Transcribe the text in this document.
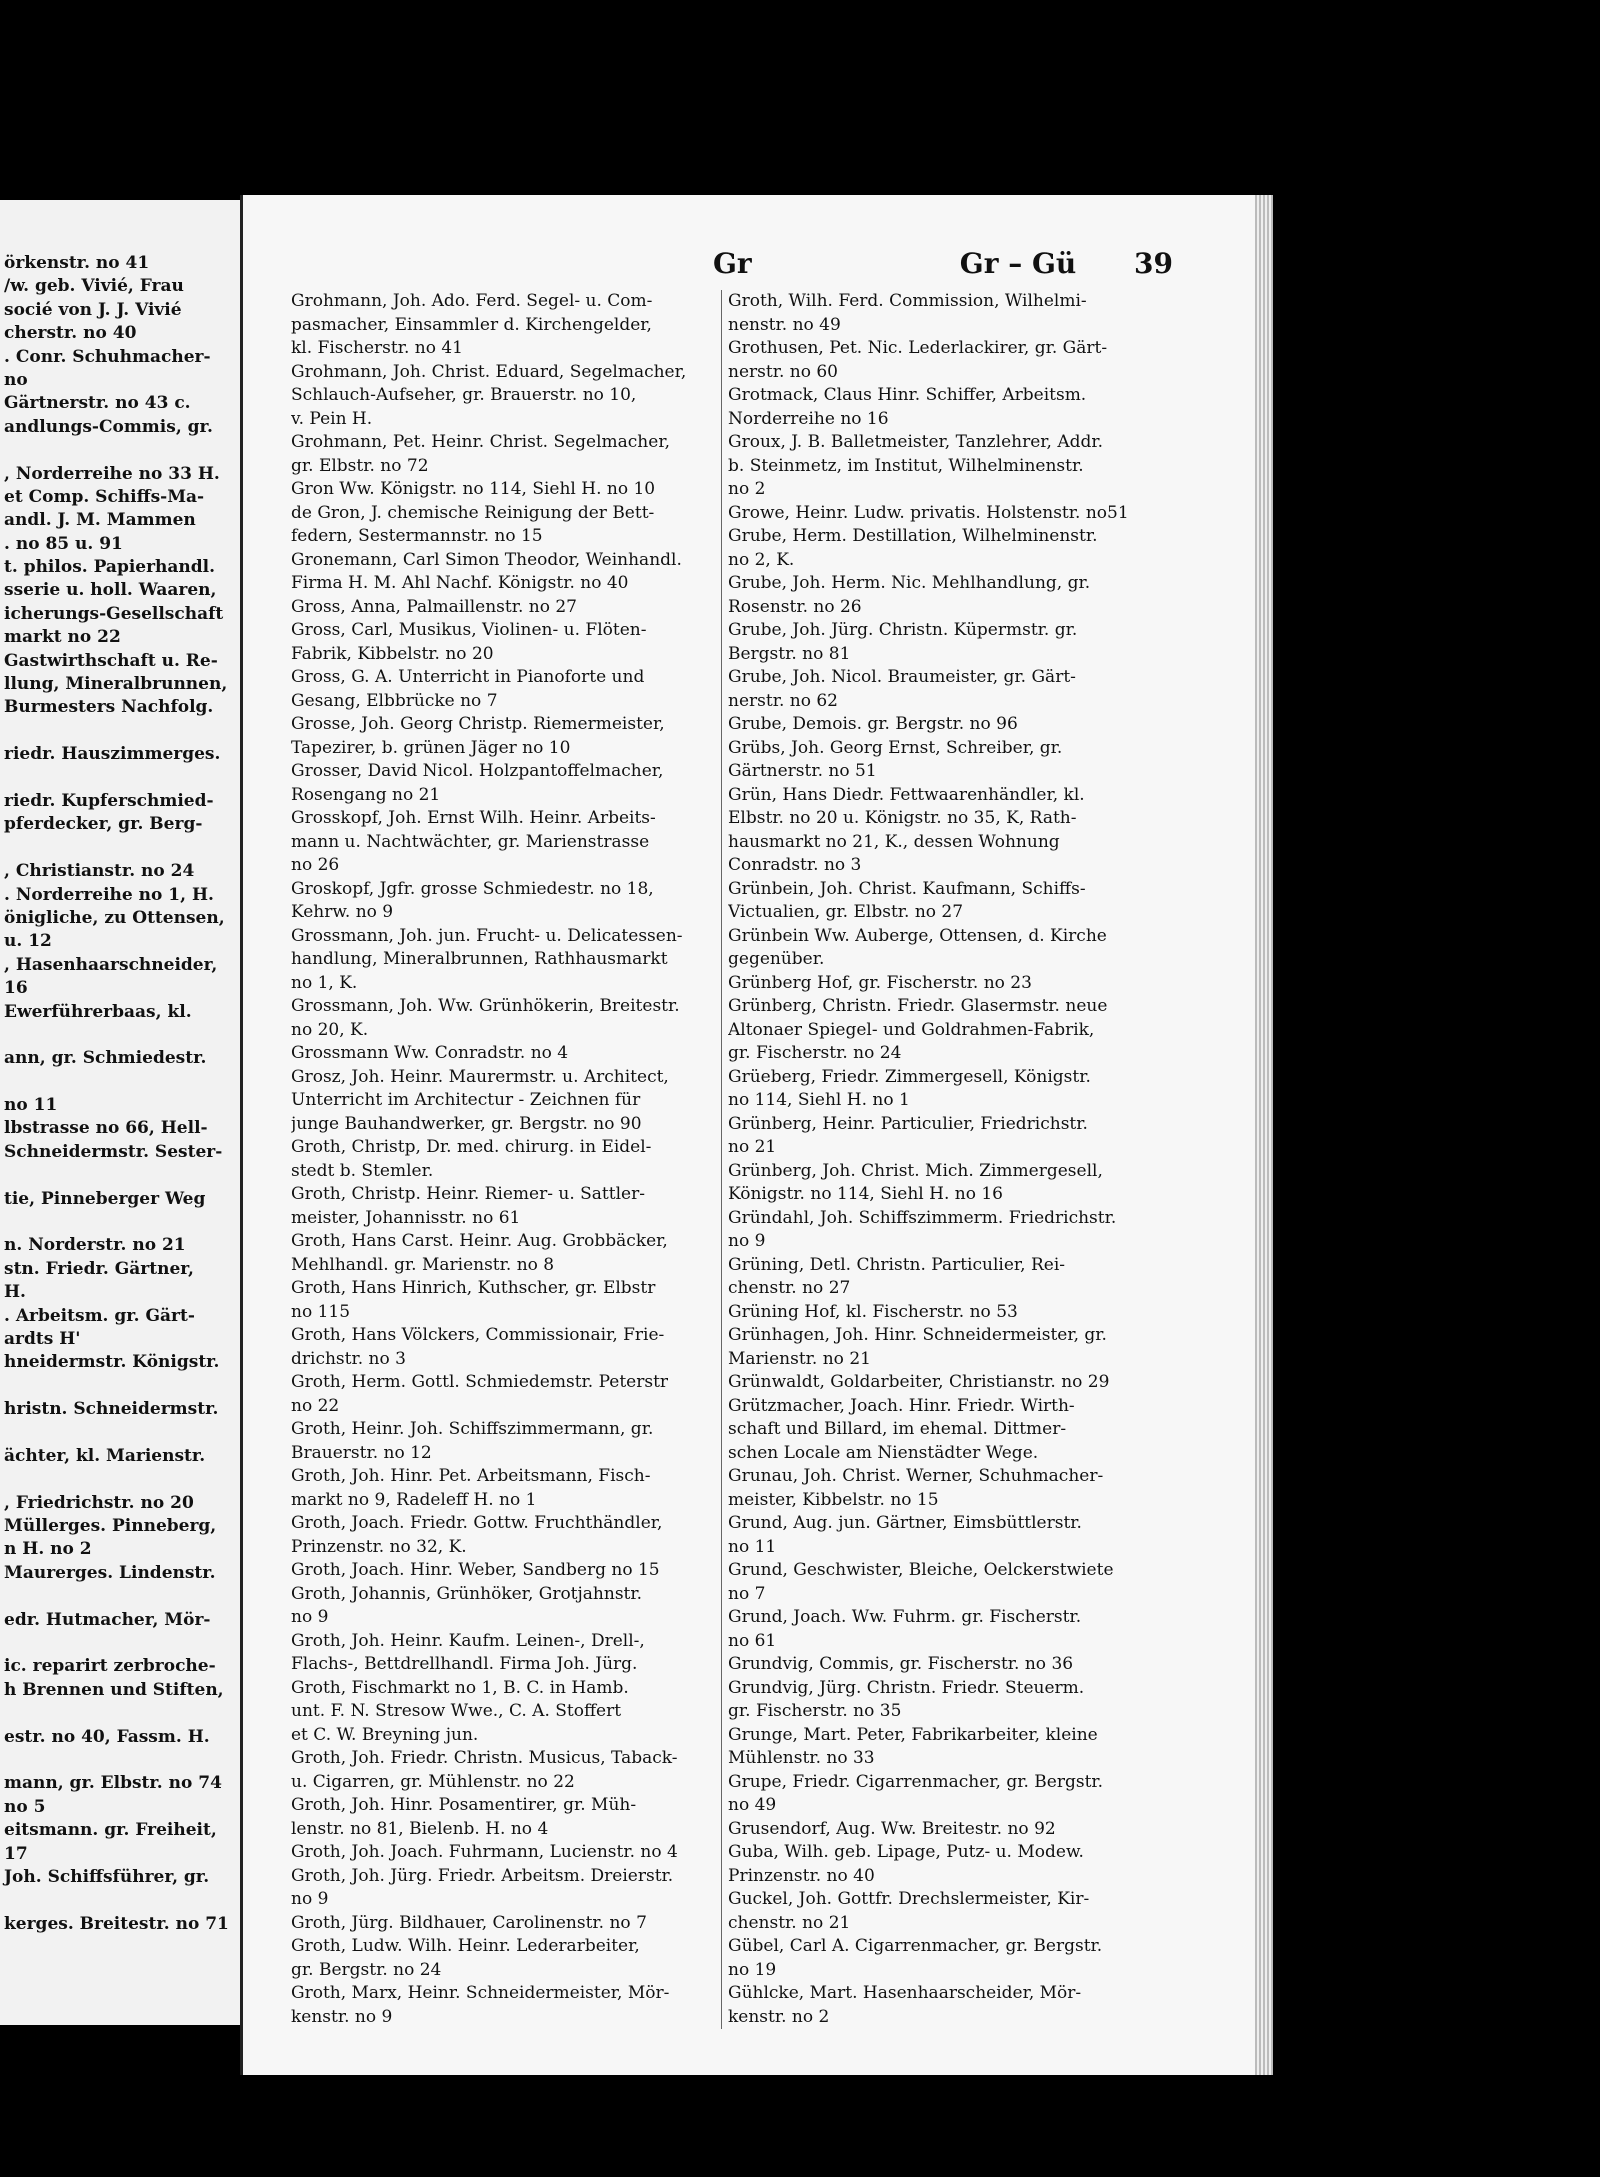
örkenstr. no 41
/w. geb. Vivié, Frau
socié von J. J. Vivié
cherstr. no 40
. Conr. Schuhmacher-
no
Gärtnerstr. no 43 c.
andlungs-Commis, gr.
, Norderreihe no 33 H.
et Comp. Schiffs-Ma-
andl. J. M. Mammen
. no 85 u. 91
t. philos. Papierhandl.
sserie u. holl. Waaren,
icherungs-Gesellschaft
markt no 22
Gastwirthschaft u. Re-
llung, Mineralbrunnen,
Burmesters Nachfolg.
riedr. Hauszimmerges.
riedr. Kupferschmied-
pferdecker, gr. Berg-
, Christianstr. no 24
. Norderreihe no 1, H.
önigliche, zu Ottensen,
u. 12
, Hasenhaarschneider,
16
Ewerführerbaas, kl.
ann, gr. Schmiedestr.
no 11
lbstrasse no 66, Hell-
Schneidermstr. Sester-
tie, Pinneberger Weg
n. Norderstr. no 21
stn. Friedr. Gärtner,
H.
. Arbeitsm. gr. Gärt-
ardts H'
hneidermstr. Königstr.
hristn. Schneidermstr.
ächter, kl. Marienstr.
, Friedrichstr. no 20
Müllerges. Pinneberg,
n H. no 2
Maurerges. Lindenstr.
edr. Hutmacher, Mör-
ic. reparirt zerbroche-
h Brennen und Stiften,
estr. no 40, Fassm. H.
mann, gr. Elbstr. no 74
no 5
eitsmann. gr. Freiheit,
17
Joh. Schiffsführer, gr.
kerges. Breitestr. no 71
Gr	Gr – Gü	39
Grohmann, Joh. Ado. Ferd. Segel- u. Com-
pasmacher, Einsammler d. Kirchengelder,
kl. Fischerstr. no 41
Grohmann, Joh. Christ. Eduard, Segelmacher,
Schlauch-Aufseher, gr. Brauerstr. no 10,
v. Pein H.
Grohmann, Pet. Heinr. Christ. Segelmacher,
gr. Elbstr. no 72
Gron Ww. Königstr. no 114, Siehl H. no 10
de Gron, J. chemische Reinigung der Bett-
federn, Sestermannstr. no 15
Gronemann, Carl Simon Theodor, Weinhandl.
Firma H. M. Ahl Nachf. Königstr. no 40
Gross, Anna, Palmaillenstr. no 27
Gross, Carl, Musikus, Violinen- u. Flöten-
Fabrik, Kibbelstr. no 20
Gross, G. A. Unterricht in Pianoforte und
Gesang, Elbbrücke no 7
Grosse, Joh. Georg Christp. Riemermeister,
Tapezirer, b. grünen Jäger no 10
Grosser, David Nicol. Holzpantoffelmacher,
Rosengang no 21
Grosskopf, Joh. Ernst Wilh. Heinr. Arbeits-
mann u. Nachtwächter, gr. Marienstrasse
no 26
Groskopf, Jgfr. grosse Schmiedestr. no 18,
Kehrw. no 9
Grossmann, Joh. jun. Frucht- u. Delicatessen-
handlung, Mineralbrunnen, Rathhausmarkt
no 1, K.
Grossmann, Joh. Ww. Grünhökerin, Breitestr.
no 20, K.
Grossmann Ww. Conradstr. no 4
Grosz, Joh. Heinr. Maurermstr. u. Architect,
Unterricht im Architectur - Zeichnen für
junge Bauhandwerker, gr. Bergstr. no 90
Groth, Christp, Dr. med. chirurg. in Eidel-
stedt b. Stemler.
Groth, Christp. Heinr. Riemer- u. Sattler-
meister, Johannisstr. no 61
Groth, Hans Carst. Heinr. Aug. Grobbäcker,
Mehlhandl. gr. Marienstr. no 8
Groth, Hans Hinrich, Kuthscher, gr. Elbstr
no 115
Groth, Hans Völckers, Commissionair, Frie-
drichstr. no 3
Groth, Herm. Gottl. Schmiedemstr. Peterstr
no 22
Groth, Heinr. Joh. Schiffszimmermann, gr.
Brauerstr. no 12
Groth, Joh. Hinr. Pet. Arbeitsmann, Fisch-
markt no 9, Radeleff H. no 1
Groth, Joach. Friedr. Gottw. Fruchthändler,
Prinzenstr. no 32, K.
Groth, Joach. Hinr. Weber, Sandberg no 15
Groth, Johannis, Grünhöker, Grotjahnstr.
no 9
Groth, Joh. Heinr. Kaufm. Leinen-, Drell-,
Flachs-, Bettdrellhandl. Firma Joh. Jürg.
Groth, Fischmarkt no 1, B. C. in Hamb.
unt. F. N. Stresow Wwe., C. A. Stoffert
et C. W. Breyning jun.
Groth, Joh. Friedr. Christn. Musicus, Taback-
u. Cigarren, gr. Mühlenstr. no 22
Groth, Joh. Hinr. Posamentirer, gr. Müh-
lenstr. no 81, Bielenb. H. no 4
Groth, Joh. Joach. Fuhrmann, Lucienstr. no 4
Groth, Joh. Jürg. Friedr. Arbeitsm. Dreierstr.
no 9
Groth, Jürg. Bildhauer, Carolinenstr. no 7
Groth, Ludw. Wilh. Heinr. Lederarbeiter,
gr. Bergstr. no 24
Groth, Marx, Heinr. Schneidermeister, Mör-
kenstr. no 9
Groth, Wilh. Ferd. Commission, Wilhelmi-
nenstr. no 49
Grothusen, Pet. Nic. Lederlackirer, gr. Gärt-
nerstr. no 60
Grotmack, Claus Hinr. Schiffer, Arbeitsm.
Norderreihe no 16
Groux, J. B. Balletmeister, Tanzlehrer, Addr.
b. Steinmetz, im Institut, Wilhelminenstr.
no 2
Growe, Heinr. Ludw. privatis. Holstenstr. no51
Grube, Herm. Destillation, Wilhelminenstr.
no 2, K.
Grube, Joh. Herm. Nic. Mehlhandlung, gr.
Rosenstr. no 26
Grube, Joh. Jürg. Christn. Küpermstr. gr.
Bergstr. no 81
Grube, Joh. Nicol. Braumeister, gr. Gärt-
nerstr. no 62
Grube, Demois. gr. Bergstr. no 96
Grübs, Joh. Georg Ernst, Schreiber, gr.
Gärtnerstr. no 51
Grün, Hans Diedr. Fettwaarenhändler, kl.
Elbstr. no 20 u. Königstr. no 35, K, Rath-
hausmarkt no 21, K., dessen Wohnung
Conradstr. no 3
Grünbein, Joh. Christ. Kaufmann, Schiffs-
Victualien, gr. Elbstr. no 27
Grünbein Ww. Auberge, Ottensen, d. Kirche
gegenüber.
Grünberg Hof, gr. Fischerstr. no 23
Grünberg, Christn. Friedr. Glasermstr. neue
Altonaer Spiegel- und Goldrahmen-Fabrik,
gr. Fischerstr. no 24
Grüeberg, Friedr. Zimmergesell, Königstr.
no 114, Siehl H. no 1
Grünberg, Heinr. Particulier, Friedrichstr.
no 21
Grünberg, Joh. Christ. Mich. Zimmergesell,
Königstr. no 114, Siehl H. no 16
Gründahl, Joh. Schiffszimmerm. Friedrichstr.
no 9
Grüning, Detl. Christn. Particulier, Rei-
chenstr. no 27
Grüning Hof, kl. Fischerstr. no 53
Grünhagen, Joh. Hinr. Schneidermeister, gr.
Marienstr. no 21
Grünwaldt, Goldarbeiter, Christianstr. no 29
Grützmacher, Joach. Hinr. Friedr. Wirth-
schaft und Billard, im ehemal. Dittmer-
schen Locale am Nienstädter Wege.
Grunau, Joh. Christ. Werner, Schuhmacher-
meister, Kibbelstr. no 15
Grund, Aug. jun. Gärtner, Eimsbüttlerstr.
no 11
Grund, Geschwister, Bleiche, Oelckerstwiete
no 7
Grund, Joach. Ww. Fuhrm. gr. Fischerstr.
no 61
Grundvig, Commis, gr. Fischerstr. no 36
Grundvig, Jürg. Christn. Friedr. Steuerm.
gr. Fischerstr. no 35
Grunge, Mart. Peter, Fabrikarbeiter, kleine
Mühlenstr. no 33
Grupe, Friedr. Cigarrenmacher, gr. Bergstr.
no 49
Grusendorf, Aug. Ww. Breitestr. no 92
Guba, Wilh. geb. Lipage, Putz- u. Modew.
Prinzenstr. no 40
Guckel, Joh. Gottfr. Drechslermeister, Kir-
chenstr. no 21
Gübel, Carl A. Cigarrenmacher, gr. Bergstr.
no 19
Gühlcke, Mart. Hasenhaarscheider, Mör-
kenstr. no 2
